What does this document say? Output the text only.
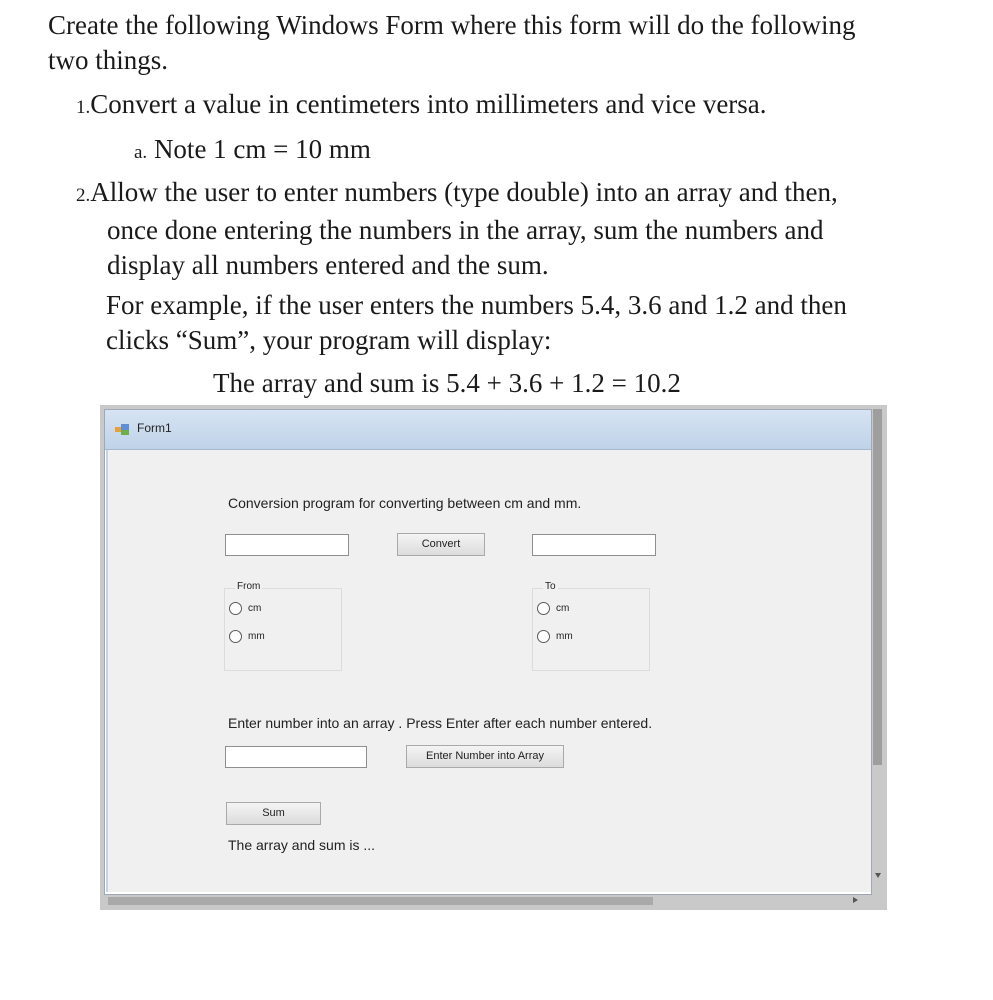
Create the following Windows Form where this form will do the following
two things.
1.Convert a value in centimeters into millimeters and vice versa.
a. Note 1 cm = 10 mm
2.Allow the user to enter numbers (type double) into an array and then,
once done entering the numbers in the array, sum the numbers and
display all numbers entered and the sum.
For example, if the user enters the numbers 5.4, 3.6 and 1.2 and then
clicks “Sum”, your program will display:
The array and sum is 5.4 + 3.6 + 1.2 = 10.2
Form1
Conversion program for converting between cm and mm.
Convert
From
cm
mm
To
cm
mm
Enter number into an array . Press Enter after each number entered.
Enter Number into Array
Sum
The array and sum is ...
